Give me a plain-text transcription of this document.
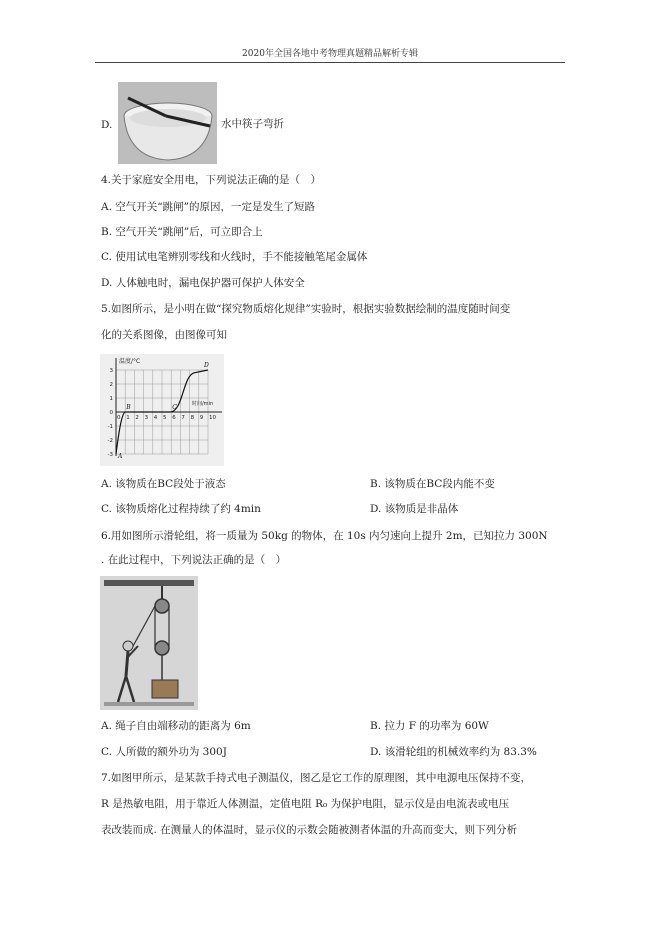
2020年全国各地中考物理真题精品解析专辑
D.	水中筷子弯折
4.关于家庭安全用电，下列说法正确的是（　）
A. 空气开关“跳闸”的原因，一定是发生了短路
B. 空气开关“跳闸”后，可立即合上
C. 使用试电笔辨别零线和火线时，手不能接触笔尾金属体
D. 人体触电时，漏电保护器可保护人体安全
5.如图所示，是小明在做“探究物质熔化规律”实验时，根据实验数据绘制的温度随时间变
化的关系图像，由图像可知
温度/°C
时间/min
0 1 2 3 4 5 6 7 8 9 10
-3
-2
-1
0
1
2
3
A
B	C
D
A. 该物质在BC段处于液态	B. 该物质在BC段内能不变
C. 该物质熔化过程持续了约 4min	D. 该物质是非晶体
6.用如图所示滑轮组，将一质量为 50kg 的物体，在 10s 内匀速向上提升 2m，已知拉力 300N
. 在此过程中，下列说法正确的是（　）
A. 绳子自由端移动的距离为 6m	B. 拉力 F 的功率为 60W
C. 人所做的额外功为 300J	D. 该滑轮组的机械效率约为 83.3%
7.如图甲所示，是某款手持式电子测温仪，图乙是它工作的原理图，其中电源电压保持不变，
R 是热敏电阻，用于靠近人体测温，定值电阻 R₀ 为保护电阻，显示仪是由电流表或电压
表改装而成. 在测量人的体温时，显示仪的示数会随被测者体温的升高而变大，则下列分析
